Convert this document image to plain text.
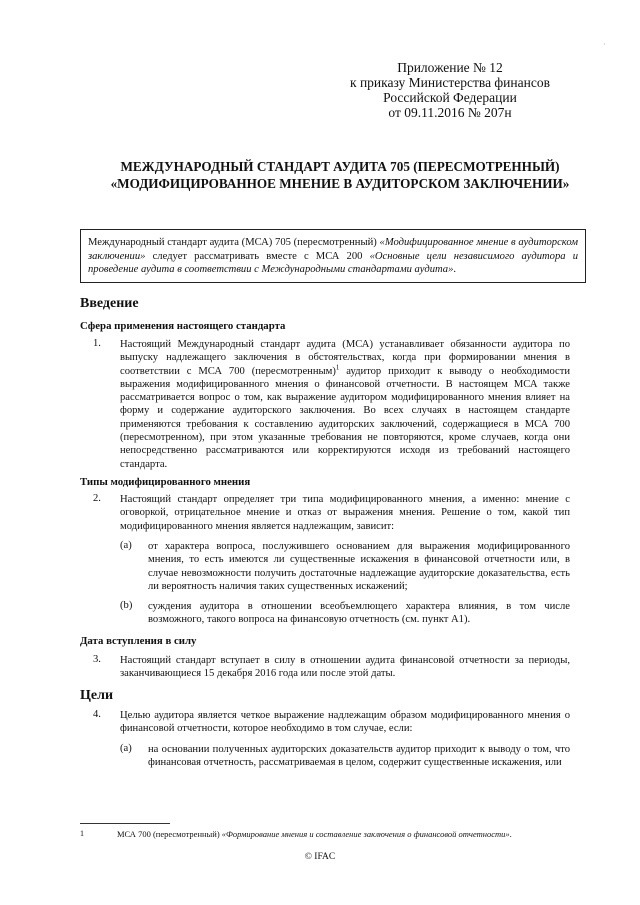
·
Приложение № 12
к приказу Министерства финансов
Российской Федерации
от 09.11.2016 № 207н
МЕЖДУНАРОДНЫЙ СТАНДАРТ АУДИТА 705 (ПЕРЕСМОТРЕННЫЙ)
«МОДИФИЦИРОВАННОЕ МНЕНИЕ В АУДИТОРСКОМ ЗАКЛЮЧЕНИИ»
Международный стандарт аудита (МСА) 705 (пересмотренный) «Модифицированное мнение в аудиторском заключении» следует рассматривать вместе с МСА 200 «Основные цели независимого аудитора и проведение аудита в соответствии с Международными стандартами аудита».
Введение
Сфера применения настоящего стандарта
1. Настоящий Международный стандарт аудита (МСА) устанавливает обязанности аудитора по выпуску надлежащего заключения в обстоятельствах, когда при формировании мнения в соответствии с МСА 700 (пересмотренным)$^1$ аудитор приходит к выводу о необходимости выражения модифицированного мнения о финансовой отчетности. В настоящем МСА также рассматривается вопрос о том, как выражение аудитором модифицированного мнения влияет на форму и содержание аудиторского заключения. Во всех случаях в настоящем стандарте применяются требования к составлению аудиторских заключений, содержащиеся в МСА 700 (пересмотренном), при этом указанные требования не повторяются, кроме случаев, когда они непосредственно рассматриваются или корректируются исходя из требований настоящего стандарта.
Типы модифицированного мнения
2. Настоящий стандарт определяет три типа модифицированного мнения, а именно: мнение с оговоркой, отрицательное мнение и отказ от выражения мнения. Решение о том, какой тип модифицированного мнения является надлежащим, зависит:
(a) от характера вопроса, послужившего основанием для выражения модифицированного мнения, то есть имеются ли существенные искажения в финансовой отчетности или, в случае невозможности получить достаточные надлежащие аудиторские доказательства, есть ли вероятность наличия таких существенных искажений;
(b) суждения аудитора в отношении всеобъемлющего характера влияния, в том числе возможного, такого вопроса на финансовую отчетность (см. пункт А1).
Дата вступления в силу
3. Настоящий стандарт вступает в силу в отношении аудита финансовой отчетности за периоды, заканчивающиеся 15 декабря 2016 года или после этой даты.
Цели
4. Целью аудитора является четкое выражение надлежащим образом модифицированного мнения о финансовой отчетности, которое необходимо в том случае, если:
(a) на основании полученных аудиторских доказательств аудитор приходит к выводу о том, что финансовая отчетность, рассматриваемая в целом, содержит существенные искажения, или
1	МСА 700 (пересмотренный) «Формирование мнения и составление заключения о финансовой отчетности».
© IFAC
